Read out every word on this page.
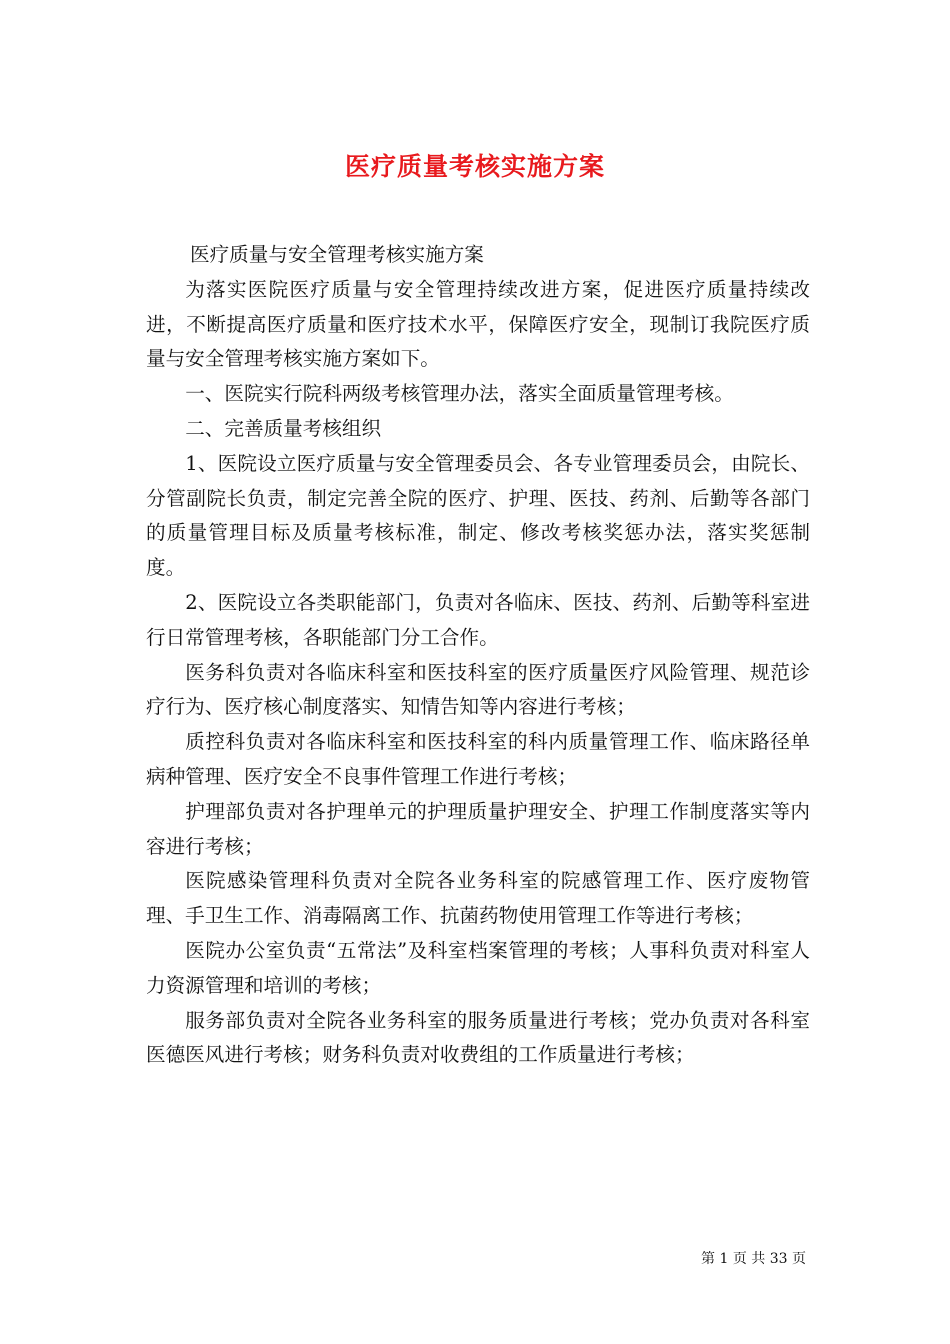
医疗质量考核实施方案

医疗质量与安全管理考核实施方案

为落实医院医疗质量与安全管理持续改进方案，促进医疗质量持续改进，不断提高医疗质量和医疗技术水平，保障医疗安全，现制订我院医疗质量与安全管理考核实施方案如下。

一、医院实行院科两级考核管理办法，落实全面质量管理考核。

二、完善质量考核组织

1、医院设立医疗质量与安全管理委员会、各专业管理委员会，由院长、分管副院长负责，制定完善全院的医疗、护理、医技、药剂、后勤等各部门的质量管理目标及质量考核标准，制定、修改考核奖惩办法，落实奖惩制度。

2、医院设立各类职能部门，负责对各临床、医技、药剂、后勤等科室进行日常管理考核，各职能部门分工合作。

医务科负责对各临床科室和医技科室的医疗质量医疗风险管理、规范诊疗行为、医疗核心制度落实、知情告知等内容进行考核；

质控科负责对各临床科室和医技科室的科内质量管理工作、临床路径单病种管理、医疗安全不良事件管理工作进行考核；

护理部负责对各护理单元的护理质量护理安全、护理工作制度落实等内容进行考核；

医院感染管理科负责对全院各业务科室的院感管理工作、医疗废物管理、手卫生工作、消毒隔离工作、抗菌药物使用管理工作等进行考核；

医院办公室负责“五常法”及科室档案管理的考核；人事科负责对科室人力资源管理和培训的考核；

服务部负责对全院各业务科室的服务质量进行考核；党办负责对各科室医德医风进行考核；财务科负责对收费组的工作质量进行考核；

第 1 页 共 33 页
